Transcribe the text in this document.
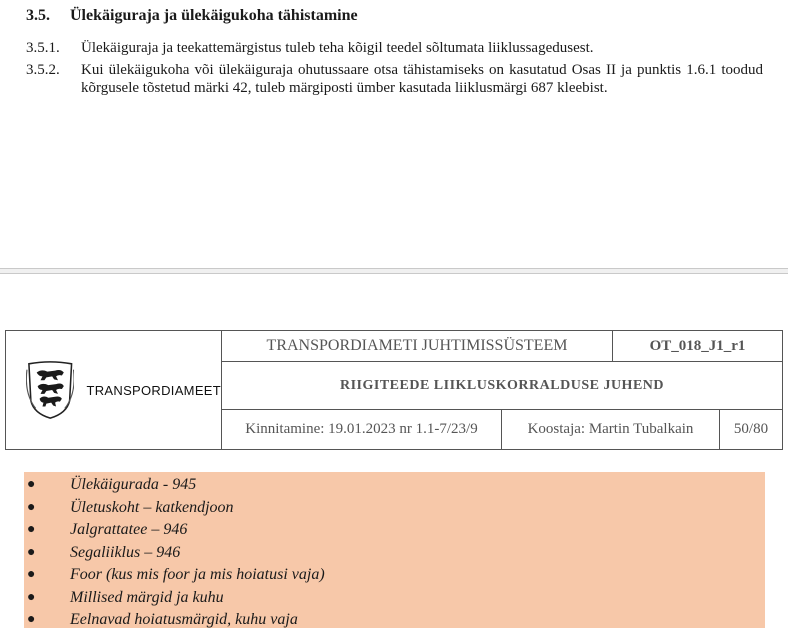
3.5. Ülekäiguraja ja ülekäigukoha tähistamine
3.5.1.	Ülekäiguraja ja teekattemärgistus tuleb teha kõigil teedel sõltumata liiklussagedusest.
3.5.2.	Kui ülekäigukoha või ülekäiguraja ohutussaare otsa tähistamiseks on kasutatud Osas II ja punktis 1.6.1 toodud kõrgusele tõstetud märki 42, tuleb märgiposti ümber kasutada liiklusmärgi 687 kleebist.
TRANSPORDIAMEET
TRANSPORDIAMETI JUHTIMISSÜSTEEM	OT_018_J1_r1
RIIGITEEDE LIIKLUSKORRALDUSE JUHEND
Kinnitamine: 19.01.2023 nr 1.1-7/23/9	Koostaja: Martin Tubalkain	50/80
● Ülekäigurada - 945
● Ületuskoht – katkendjoon
● Jalgrattatee – 946
● Segaliiklus – 946
● Foor (kus mis foor ja mis hoiatusi vaja)
● Millised märgid ja kuhu
● Eelnavad hoiatusmärgid, kuhu vaja
